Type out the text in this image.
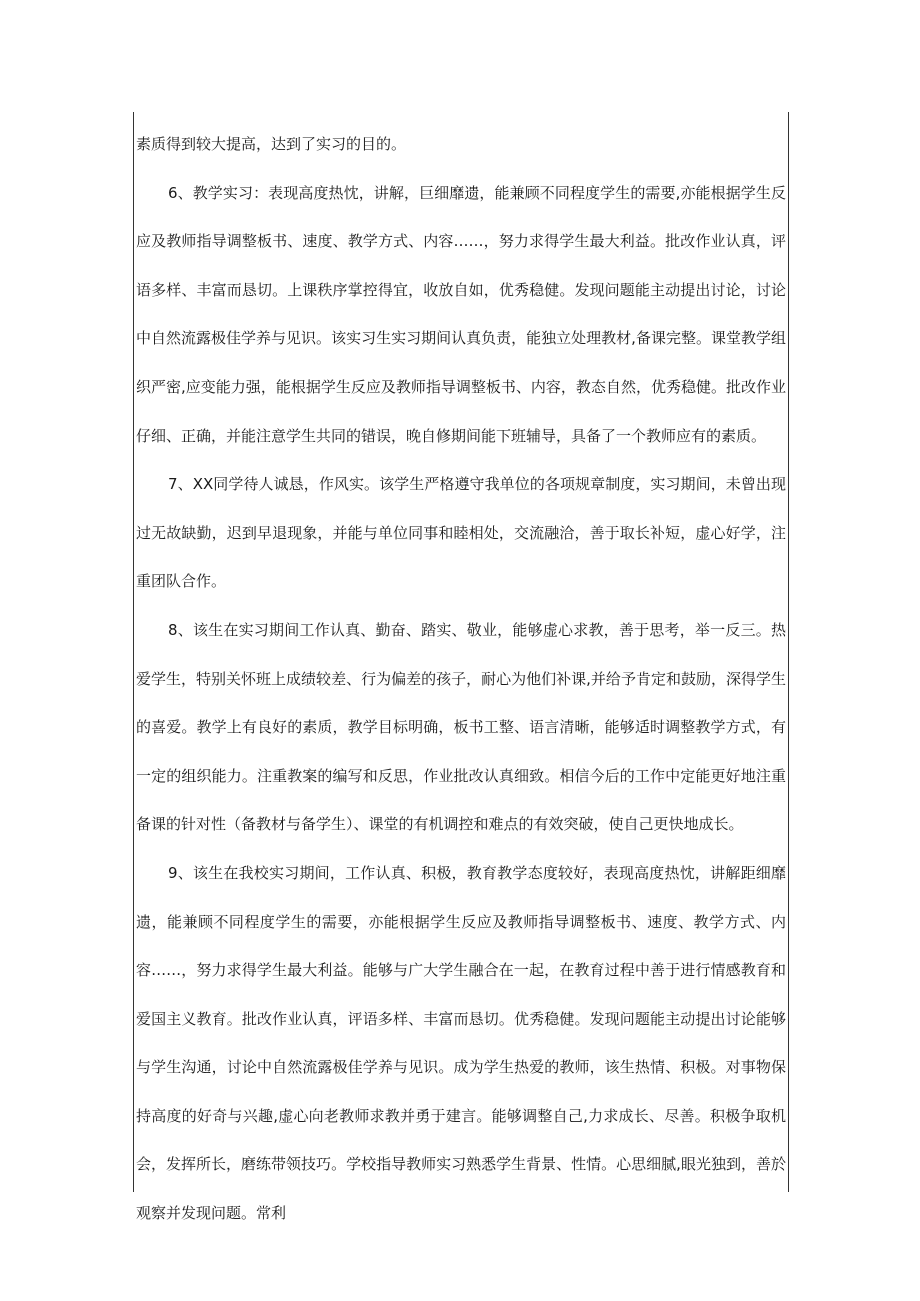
素质得到较大提高，达到了实习的目的。

6、教学实习：表现高度热忱，讲解，巨细靡遗，能兼顾不同程度学生的需要,亦能根据学生反应及教师指导调整板书、速度、教学方式、内容……，努力求得学生最大利益。批改作业认真，评语多样、丰富而恳切。上课秩序掌控得宜，收放自如，优秀稳健。发现问题能主动提出讨论，讨论中自然流露极佳学养与见识。该实习生实习期间认真负责，能独立处理教材,备课完整。课堂教学组织严密,应变能力强，能根据学生反应及教师指导调整板书、内容，教态自然，优秀稳健。批改作业仔细、正确，并能注意学生共同的错误，晚自修期间能下班辅导，具备了一个教师应有的素质。

7、XX同学待人诚恳，作风实。该学生严格遵守我单位的各项规章制度，实习期间，未曾出现过无故缺勤，迟到早退现象，并能与单位同事和睦相处，交流融洽，善于取长补短，虚心好学，注重团队合作。

8、该生在实习期间工作认真、勤奋、踏实、敬业，能够虚心求教，善于思考，举一反三。热爱学生，特别关怀班上成绩较差、行为偏差的孩子，耐心为他们补课,并给予肯定和鼓励，深得学生的喜爱。教学上有良好的素质，教学目标明确，板书工整、语言清晰，能够适时调整教学方式，有一定的组织能力。注重教案的编写和反思，作业批改认真细致。相信今后的工作中定能更好地注重备课的针对性（备教材与备学生）、课堂的有机调控和难点的有效突破，使自己更快地成长。

9、该生在我校实习期间，工作认真、积极，教育教学态度较好，表现高度热忱，讲解距细靡遗，能兼顾不同程度学生的需要，亦能根据学生反应及教师指导调整板书、速度、教学方式、内容……，努力求得学生最大利益。能够与广大学生融合在一起，在教育过程中善于进行情感教育和爱国主义教育。批改作业认真，评语多样、丰富而恳切。优秀稳健。发现问题能主动提出讨论能够与学生沟通，讨论中自然流露极佳学养与见识。成为学生热爱的教师，该生热情、积极。对事物保持高度的好奇与兴趣,虚心向老教师求教并勇于建言。能够调整自己,力求成长、尽善。积极争取机会，发挥所长，磨练带领技巧。学校指导教师实习熟悉学生背景、性情。心思细腻,眼光独到，善於观察并发现问题。常利
